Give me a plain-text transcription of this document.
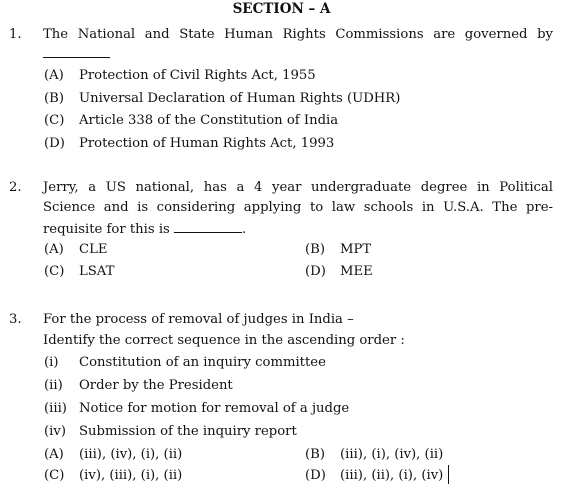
SECTION – A
1. The National and State Human Rights Commissions are governed by
(A) Protection of Civil Rights Act, 1955
(B) Universal Declaration of Human Rights (UDHR)
(C) Article 338 of the Constitution of India
(D) Protection of Human Rights Act, 1993
2. Jerry, a US national, has a 4 year undergraduate degree in Political
Science and is considering applying to law schools in U.S.A. The pre-
requisite for this is	.
(A) CLE	(B) MPT
(C) LSAT	(D) MEE
3. For the process of removal of judges in India –
Identify the correct sequence in the ascending order :
(i) Constitution of an inquiry committee
(ii) Order by the President
(iii) Notice for motion for removal of a judge
(iv) Submission of the inquiry report
(A) (iii), (iv), (i), (ii)	(B) (iii), (i), (iv), (ii)
(C) (iv), (iii), (i), (ii)	(D) (iii), (ii), (i), (iv)
